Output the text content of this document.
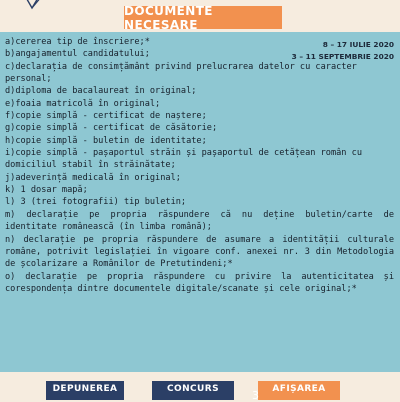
DOCUMENTE NECESARE
8 – 17 IULIE 2020
3 – 11 SEPTEMBRIE 2020
a)cererea tip de înscriere;*
b)angajamentul candidatului;
c)declarația de consimțământ privind prelucrarea datelor cu caracter personal;
d)diploma de bacalaureat în original;
e)foaia matricolă în original;
f)copie simplă - certificat de naștere;
g)copie simplă - certificat de căsătorie;
h)copie simplă - buletin de identitate;
i)copie simplă - pașaportul străin și pașaportul de cetățean român cu domiciliul stabil în străinătate;
j)adeverință medicală în original;
k) 1 dosar mapă;
l) 3 (trei fotografii) tip buletin;
m) declarație pe propria răspundere că nu deține buletin/carte de identitate românească (în limba română);
n) declarație pe propria răspundere de asumare a identității culturale române, potrivit legislației în vigoare conf. anexei nr. 3 din Metodologia de școlarizare a Românilor de Pretutindeni;*
o) declarație pe propria răspundere cu privire la autenticitatea și corespondența dintre documentele digitale/scanate și cele original;*
DEPUNEREA
1	CONCURS
2	AFIȘAREA
3
